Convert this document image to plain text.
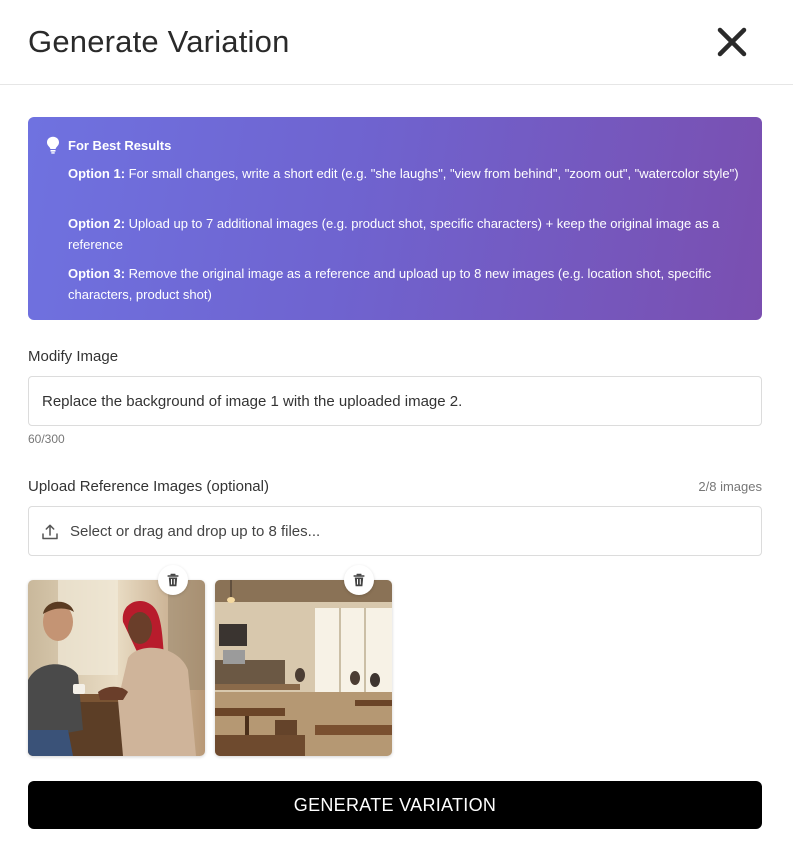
Generate Variation
For Best Results
Option 1: For small changes, write a short edit (e.g. "she laughs", "view from behind", "zoom out", "watercolor style")
Option 2: Upload up to 7 additional images (e.g. product shot, specific characters) + keep the original image as a reference
Option 3: Remove the original image as a reference and upload up to 8 new images (e.g. location shot, specific characters, product shot)
Modify Image
Replace the background of image 1 with the uploaded image 2.
60/300
Upload Reference Images (optional)	2/8 images
Select or drag and drop up to 8 files...
GENERATE VARIATION
